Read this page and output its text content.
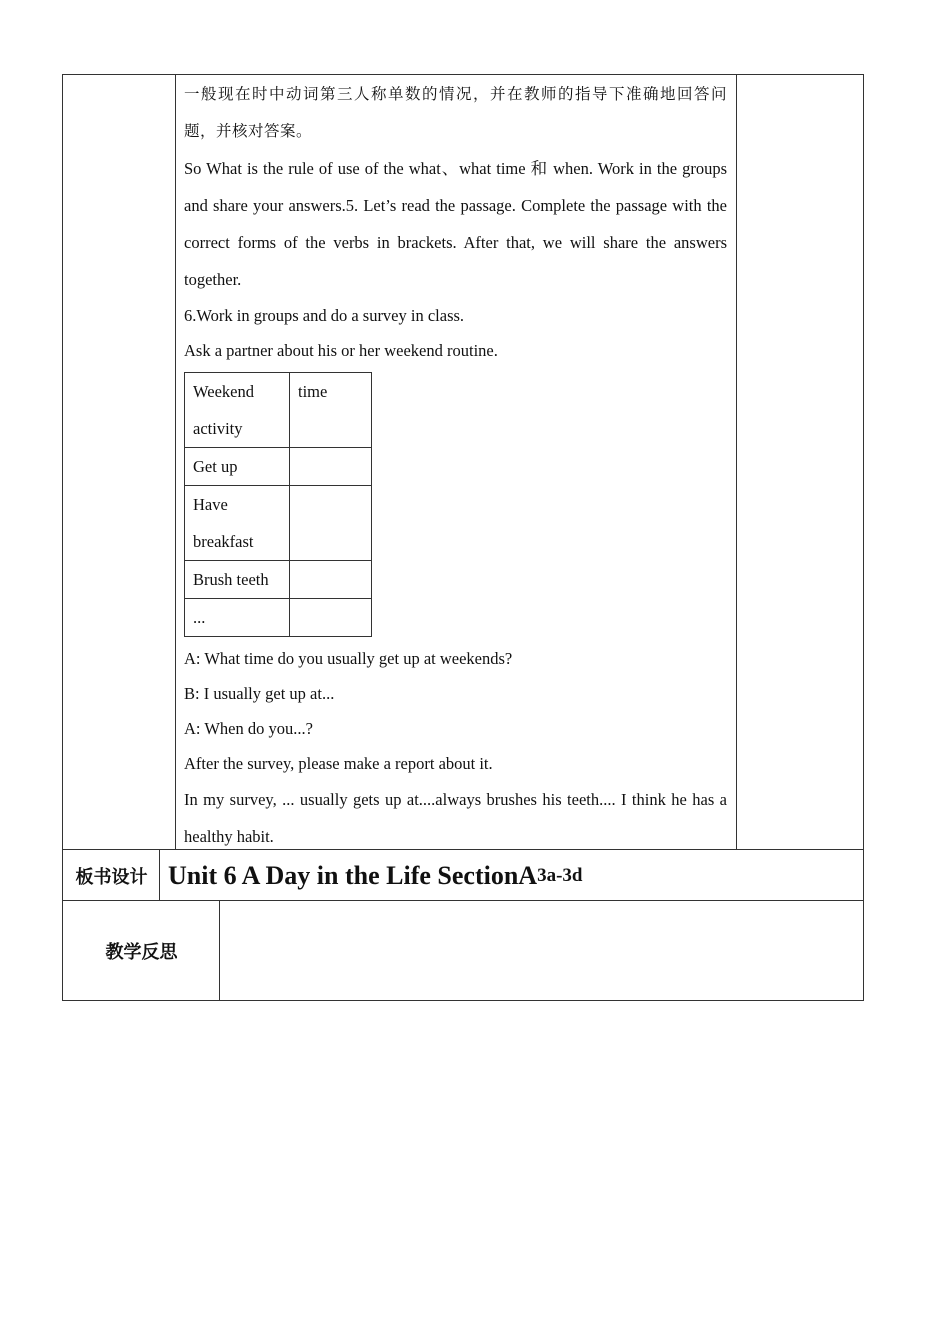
一般现在时中动词第三人称单数的情况，并在教师的指导下准确地回答问题，并核对答案。

So What is the rule of use of the what、what time 和 when. Work in the groups and share your answers.5. Let’s read the passage. Complete the passage with the correct forms of the verbs in brackets. After that, we will share the answers together.

6.Work in groups and do a survey in class.

Ask a partner about his or her weekend routine.

Weekend activity	time
Get up	
Have breakfast	
Brush teeth	
...	

A: What time do you usually get up at weekends?

B: I usually get up at...

A: When do you...?

After the survey, please make a report about it.

In my survey, ... usually gets up at....always brushes his teeth.... I think he has a healthy habit.

板书设计 Unit 6 A Day in the Life SectionA 3a-3d
教学反思
